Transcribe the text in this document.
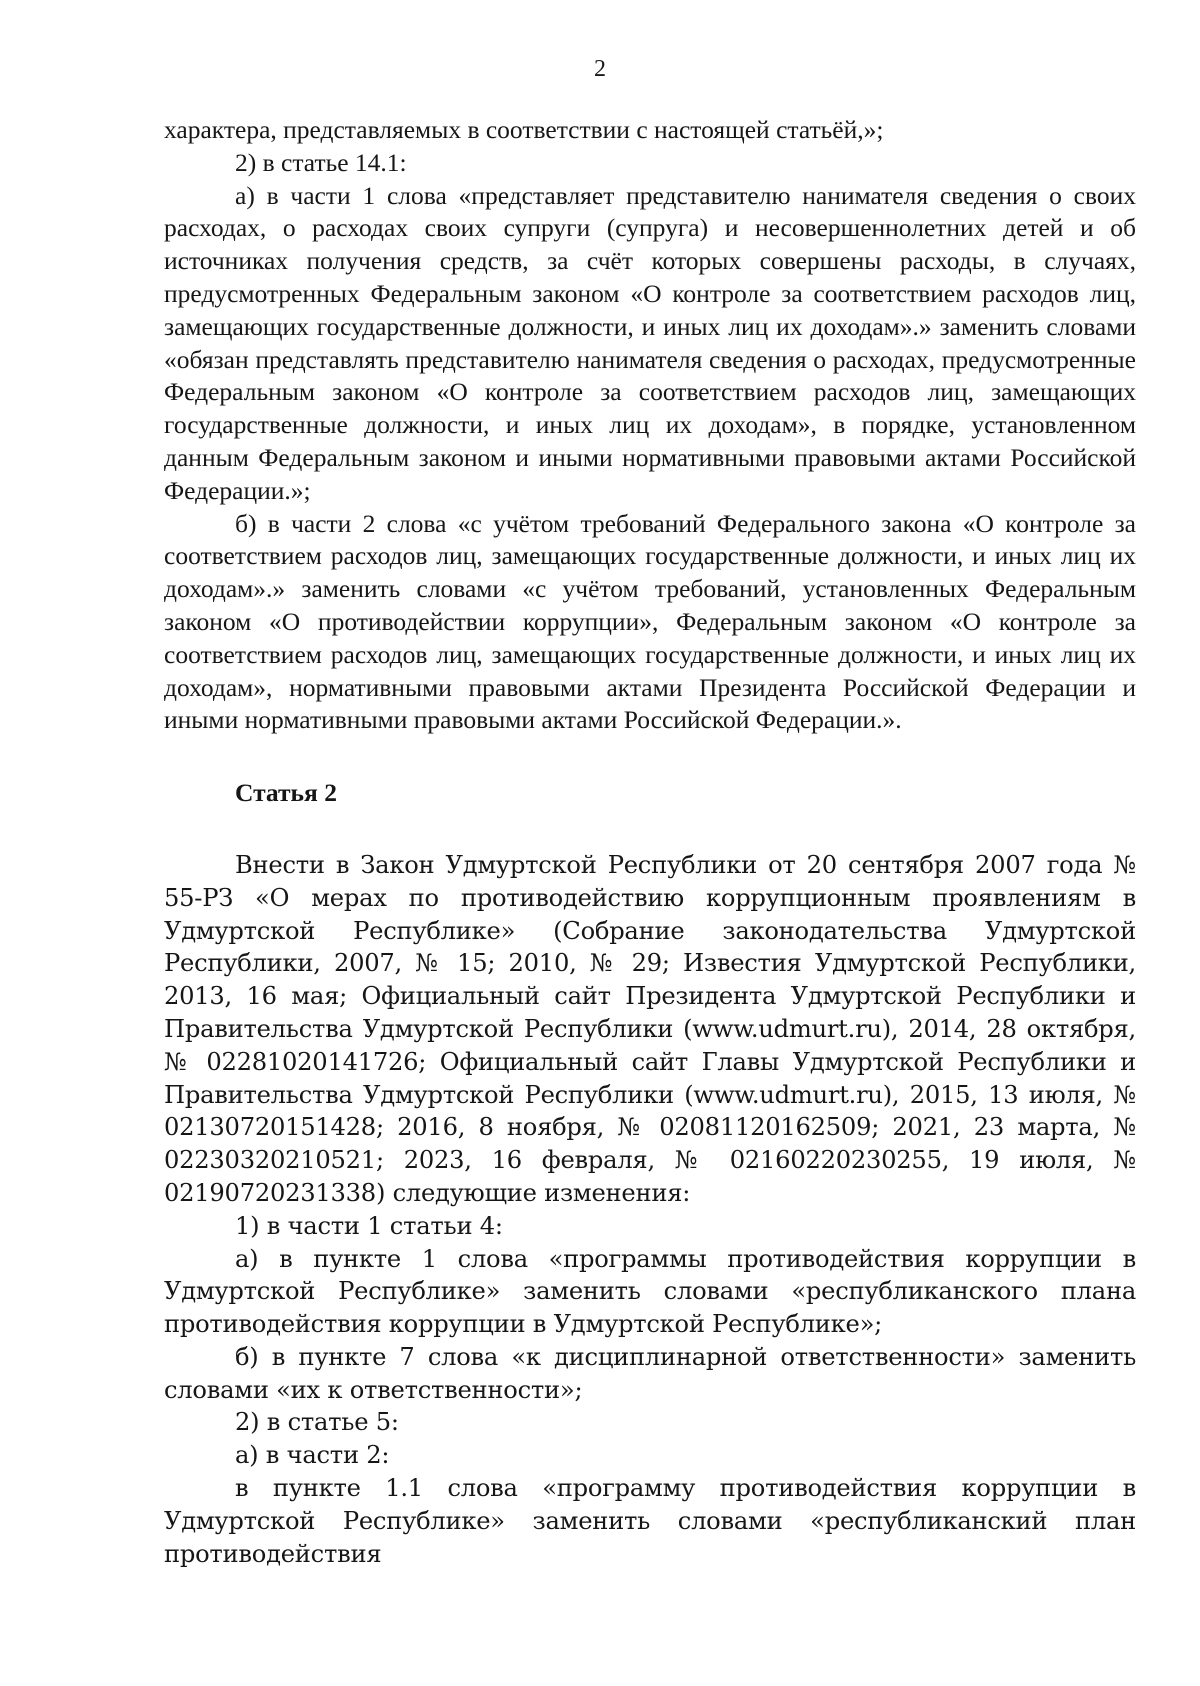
2

характера, представляемых в соответствии с настоящей статьёй,»;

2) в статье 14.1:

а) в части 1 слова «представляет представителю нанимателя сведения о своих расходах, о расходах своих супруги (супруга) и несовершеннолетних детей и об источниках получения средств, за счёт которых совершены расходы, в случаях, предусмотренных Федеральным законом «О контроле за соответствием расходов лиц, замещающих государственные должности, и иных лиц их доходам».» заменить словами «обязан представлять представителю нанимателя сведения о расходах, предусмотренные Федеральным законом «О контроле за соответствием расходов лиц, замещающих государственные должности, и иных лиц их доходам», в порядке, установленном данным Федеральным законом и иными нормативными правовыми актами Российской Федерации.»;

б) в части 2 слова «с учётом требований Федерального закона «О контроле за соответствием расходов лиц, замещающих государственные должности, и иных лиц их доходам».» заменить словами «с учётом требований, установленных Федеральным законом «О противодействии коррупции», Федеральным законом «О контроле за соответствием расходов лиц, замещающих государственные должности, и иных лиц их доходам», нормативными правовыми актами Президента Российской Федерации и иными нормативными правовыми актами Российской Федерации.».

Статья 2

Внести в Закон Удмуртской Республики от 20 сентября 2007 года № 55-РЗ «О мерах по противодействию коррупционным проявлениям в Удмуртской Республике» (Собрание законодательства Удмуртской Республики, 2007, № 15; 2010, № 29; Известия Удмуртской Республики, 2013, 16 мая; Официальный сайт Президента Удмуртской Республики и Правительства Удмуртской Республики (www.udmurt.ru), 2014, 28 октября, № 02281020141726; Официальный сайт Главы Удмуртской Республики и Правительства Удмуртской Республики (www.udmurt.ru), 2015, 13 июля, № 02130720151428; 2016, 8 ноября, № 02081120162509; 2021, 23 марта, № 02230320210521; 2023, 16 февраля, № 02160220230255, 19 июля, № 02190720231338) следующие изменения:

1) в части 1 статьи 4:

а) в пункте 1 слова «программы противодействия коррупции в Удмуртской Республике» заменить словами «республиканского плана противодействия коррупции в Удмуртской Республике»;

б) в пункте 7 слова «к дисциплинарной ответственности» заменить словами «их к ответственности»;

2) в статье 5:

а) в части 2:

в пункте 1.1 слова «программу противодействия коррупции в Удмуртской Республике» заменить словами «республиканский план противодействия
